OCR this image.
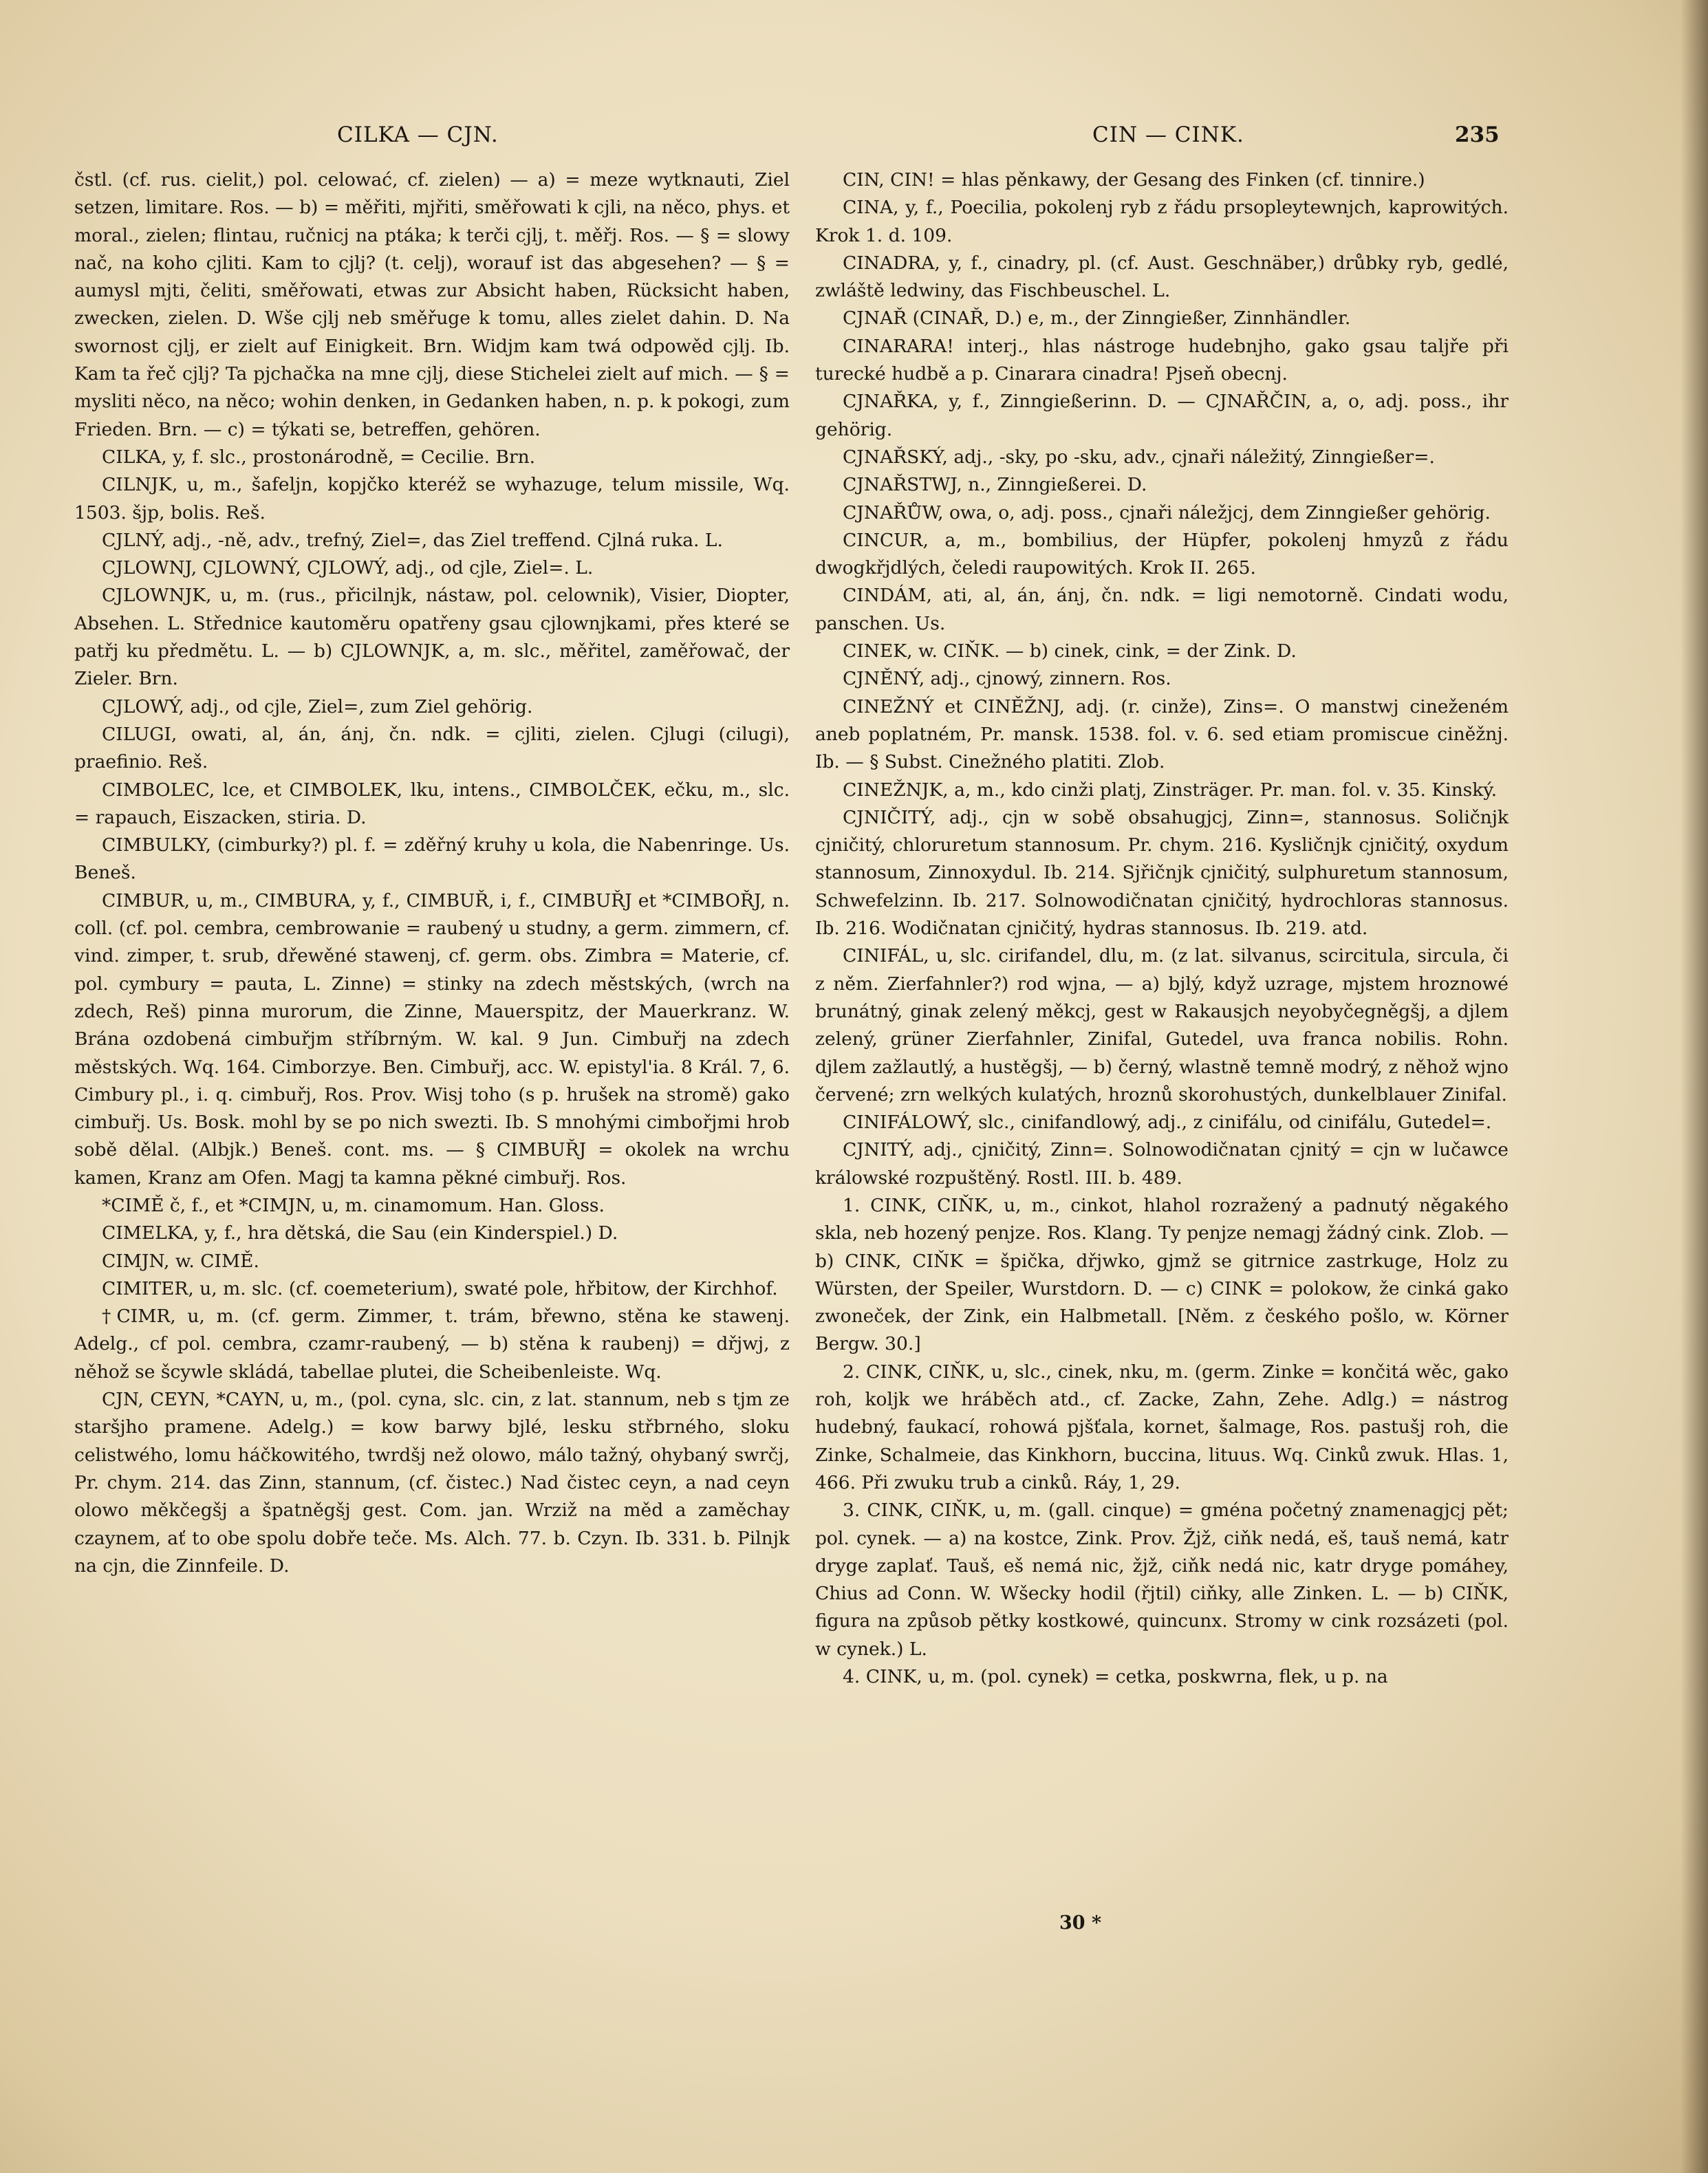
CILKA — CJN.	CIN — CINK.	235

čstl. (cf. rus. cielit,) pol. celować, cf. zielen) — a) = meze wytknauti, Ziel setzen, limitare. Ros. — b) = měřiti, mjřiti, směřowati k cjli, na něco, phys. et moral., zielen; flintau, ručnicj na ptáka; k terči cjlj, t. měřj. Ros. — § = slowy nač, na koho cjliti. Kam to cjlj? (t. celj), worauf ist das abgesehen? — § = aumysl mjti, čeliti, směřowati, etwas zur Absicht haben, Rücksicht haben, zwecken, zielen. D. Wše cjlj neb směřuge k tomu, alles zielet dahin. D. Na swornost cjlj, er zielt auf Einigkeit. Brn. Widjm kam twá odpowěd cjlj. Ib. Kam ta řeč cjlj? Ta pjchačka na mne cjlj, diese Stichelei zielt auf mich. — § = mysliti něco, na něco; wohin denken, in Gedanken haben, n. p. k pokogi, zum Frieden. Brn. — c) = týkati se, betreffen, gehören.

CILKA, y, f. slc., prostonárodně, = Cecilie. Brn.

CILNJK, u, m., šafeljn, kopjčko kteréž se wyhazuge, telum missile, Wq. 1503. šjp, bolis. Reš.

CJLNÝ, adj., -ně, adv., trefný, Ziel=, das Ziel treffend. Cjlná ruka. L.

CJLOWNJ, CJLOWNÝ, CJLOWÝ, adj., od cjle, Ziel=. L.

CJLOWNJK, u, m. (rus., přicilnjk, nástaw, pol. celownik), Visier, Diopter, Absehen. L. Střednice kautoměru opatřeny gsau cjlownjkami, přes které se patřj ku předmětu. L. — b) CJLOWNJK, a, m. slc., měřitel, zaměřowač, der Zieler. Brn.

CJLOWÝ, adj., od cjle, Ziel=, zum Ziel gehörig.

CILUGI, owati, al, án, ánj, čn. ndk. = cjliti, zielen. Cjlugi (cilugi), praefinio. Reš.

CIMBOLEC, lce, et CIMBOLEK, lku, intens., CIMBOLČEK, ečku, m., slc. = rapauch, Eiszacken, stiria. D.

CIMBULKY, (cimburky?) pl. f. = zděřný kruhy u kola, die Nabenringe. Us. Beneš.

CIMBUR, u, m., CIMBURA, y, f., CIMBUŘ, i, f., CIMBUŘJ et *CIMBOŘJ, n. coll. (cf. pol. cembra, cembrowanie = raubený u studny, a germ. zimmern, cf. vind. zimper, t. srub, dřewěné stawenj, cf. germ. obs. Zimbra = Materie, cf. pol. cymbury = pauta, L. Zinne) = stinky na zdech městských, (wrch na zdech, Reš) pinna murorum, die Zinne, Mauerspitz, der Mauerkranz. W. Brána ozdobená cimbuřjm stříbrným. W. kal. 9 Jun. Cimbuřj na zdech městských. Wq. 164. Cimborzye. Ben. Cimbuřj, acc. W. epistyl'ia. 8 Král. 7, 6. Cimbury pl., i. q. cimbuřj, Ros. Prov. Wisj toho (s p. hrušek na stromě) gako cimbuřj. Us. Bosk. mohl by se po nich swezti. Ib. S mnohými cimbořjmi hrob sobě dělal. (Albjk.) Beneš. cont. ms. — § CIMBUŘJ = okolek na wrchu kamen, Kranz am Ofen. Magj ta kamna pěkné cimbuřj. Ros.

*CIMĚ č, f., et *CIMJN, u, m. cinamomum. Han. Gloss.

CIMELKA, y, f., hra dětská, die Sau (ein Kinderspiel.) D.

CIMJN, w. CIMĚ.

CIMITER, u, m. slc. (cf. coemeterium), swaté pole, hřbitow, der Kirchhof.

†CIMR, u, m. (cf. germ. Zimmer, t. trám, břewno, stěna ke stawenj. Adelg., cf pol. cembra, czamr-raubený, — b) stěna k raubenj) = dřjwj, z něhož se šcywle skládá, tabellae plutei, die Scheibenleiste. Wq.

CJN, CEYN, *CAYN, u, m., (pol. cyna, slc. cin, z lat. stannum, neb s tjm ze staršjho pramene. Adelg.) = kow barwy bjlé, lesku střbrného, sloku celistwého, lomu háčkowitého, twrdšj než olowo, málo tažný, ohybaný swrčj, Pr. chym. 214. das Zinn, stannum, (cf. čistec.) Nad čistec ceyn, a nad ceyn olowo měkčegšj a špatněgšj gest. Com. jan. Wrziž na měd a zaměchay czaynem, ať to obe spolu dobře teče. Ms. Alch. 77. b. Czyn. Ib. 331. b. Pilnjk na cjn, die Zinnfeile. D.

CIN, CIN! = hlas pěnkawy, der Gesang des Finken (cf. tinnire.)

CINA, y, f., Poecilia, pokolenj ryb z řádu prsopleytewnjch, kaprowitých. Krok 1. d. 109.

CINADRA, y, f., cinadry, pl. (cf. Aust. Geschnäber,) drůbky ryb, gedlé, zwláště ledwiny, das Fischbeuschel. L.

CJNAŘ (CINAŘ, D.) e, m., der Zinngießer, Zinnhändler.

CINARARA! interj., hlas nástroge hudebnjho, gako gsau talјře při turecké hudbě a p. Cinarara cinadra! Pjseň obecnj.

CJNAŘKA, y, f., Zinngießerinn. D. — CJNAŘČIN, a, o, adj. poss., ihr gehörig.

CJNAŘSKÝ, adj., -sky, po -sku, adv., cjnaři náležitý, Zinngießer=.

CJNAŘSTWJ, n., Zinngießerei. D.

CJNAŘŮW, owa, o, adj. poss., cjnaři náležjcj, dem Zinngießer gehörig.

CINCUR, a, m., bombilius, der Hüpfer, pokolenj hmyzů z řádu dwogkřjdlých, čeledi raupowitých. Krok II. 265.

CINDÁM, ati, al, án, ánj, čn. ndk. = ligi nemotorně. Cindati wodu, panschen. Us.

CINEK, w. CIŇK. — b) cinek, cink, = der Zink. D.

CJNĚNÝ, adj., cjnowý, zinnern. Ros.

CINEŽNÝ et CINĚŽNJ, adj. (r. cinže), Zins=. O manstwj cineženém aneb poplatném, Pr. mansk. 1538. fol. v. 6. sed etiam promiscue ciněžnj. Ib. — § Subst. Cinežného platiti. Zlob.

CINEŽNJK, a, m., kdo cinži platj, Zinsträger. Pr. man. fol. v. 35. Kinský.

CJNIČITÝ, adj., cjn w sobě obsahugjcj, Zinn=, stannosus. Soličnjk cjničitý, chloruretum stannosum. Pr. chym. 216. Kysličnjk cjničitý, oxydum stannosum, Zinnoxydul. Ib. 214. Sjřičnjk cjničitý, sulphuretum stannosum, Schwefelzinn. Ib. 217. Solnowodičnatan cjničitý, hydrochloras stannosus. Ib. 216. Wodičnatan cjničitý, hydras stannosus. Ib. 219. atd.

CINIFÁL, u, slc. cirifandel, dlu, m. (z lat. silvanus, scircitula, sircula, či z něm. Zierfahnler?) rod wjna, — a) bjlý, když uzrage, mjstem hroznowé brunátný, ginak zelený měkcj, gest w Rakausjch neyobyčegněgšj, a djlem zelený, grüner Zierfahnler, Zinifal, Gutedel, uva franca nobilis. Rohn. djlem zažlautlý, a hustěgšj, — b) černý, wlastně temně modrý, z něhož wjno červené; zrn welkých kulatých, hroznů skorohustých, dunkelblauer Zinifal.

CINIFÁLOWÝ, slc., cinifandlowý, adj., z cinifálu, od cinifálu, Gutedel=.

CJNITÝ, adj., cjničitý, Zinn=. Solnowodičnatan cjnitý = cjn w lučawce králowské rozpuštěný. Rostl. III. b. 489.

1. CINK, CIŇK, u, m., cinkot, hlahol rozražený a padnutý něgakého skla, neb hozený penjze. Ros. Klang. Ty penjze nemagj žádný cink. Zlob. — b) CINK, CIŇK = špička, dřjwko, gjmž se gitrnice zastrkuge, Holz zu Würsten, der Speiler, Wurstdorn. D. — c) CINK = polokow, že cinká gako zwoneček, der Zink, ein Halbmetall. [Něm. z českého pošlo, w. Körner Bergw. 30.]

2. CINK, CIŇK, u, slc., cinek, nku, m. (germ. Zinke = končitá wěc, gako roh, koljk we hráběch atd., cf. Zacke, Zahn, Zehe. Adlg.) = nástrog hudebný, faukací, rohowá pjšťala, kornet, šalmage, Ros. pastušj roh, die Zinke, Schalmeie, das Kinkhorn, buccina, lituus. Wq. Cinků zwuk. Hlas. 1, 466. Při zwuku trub a cinků. Ráy, 1, 29.

3. CINK, CIŇK, u, m. (gall. cinque) = gména početný znamenagjcj pět; pol. cynek. — a) na kostce, Zink. Prov. Žjž, ciňk nedá, eš, tauš nemá, katr dryge zaplať. Tauš, eš nemá nic, žjž, ciňk nedá nic, katr dryge pomáhey, Chius ad Conn. W. Wšecky hodil (řjtil) ciňky, alle Zinken. L. — b) CIŇK, figura na způsob pětky kostkowé, quincunx. Stromy w cink rozsázeti (pol. w cynek.) L.

4. CINK, u, m. (pol. cynek) = cetka, poskwrna, flek, u p. na

30 *
